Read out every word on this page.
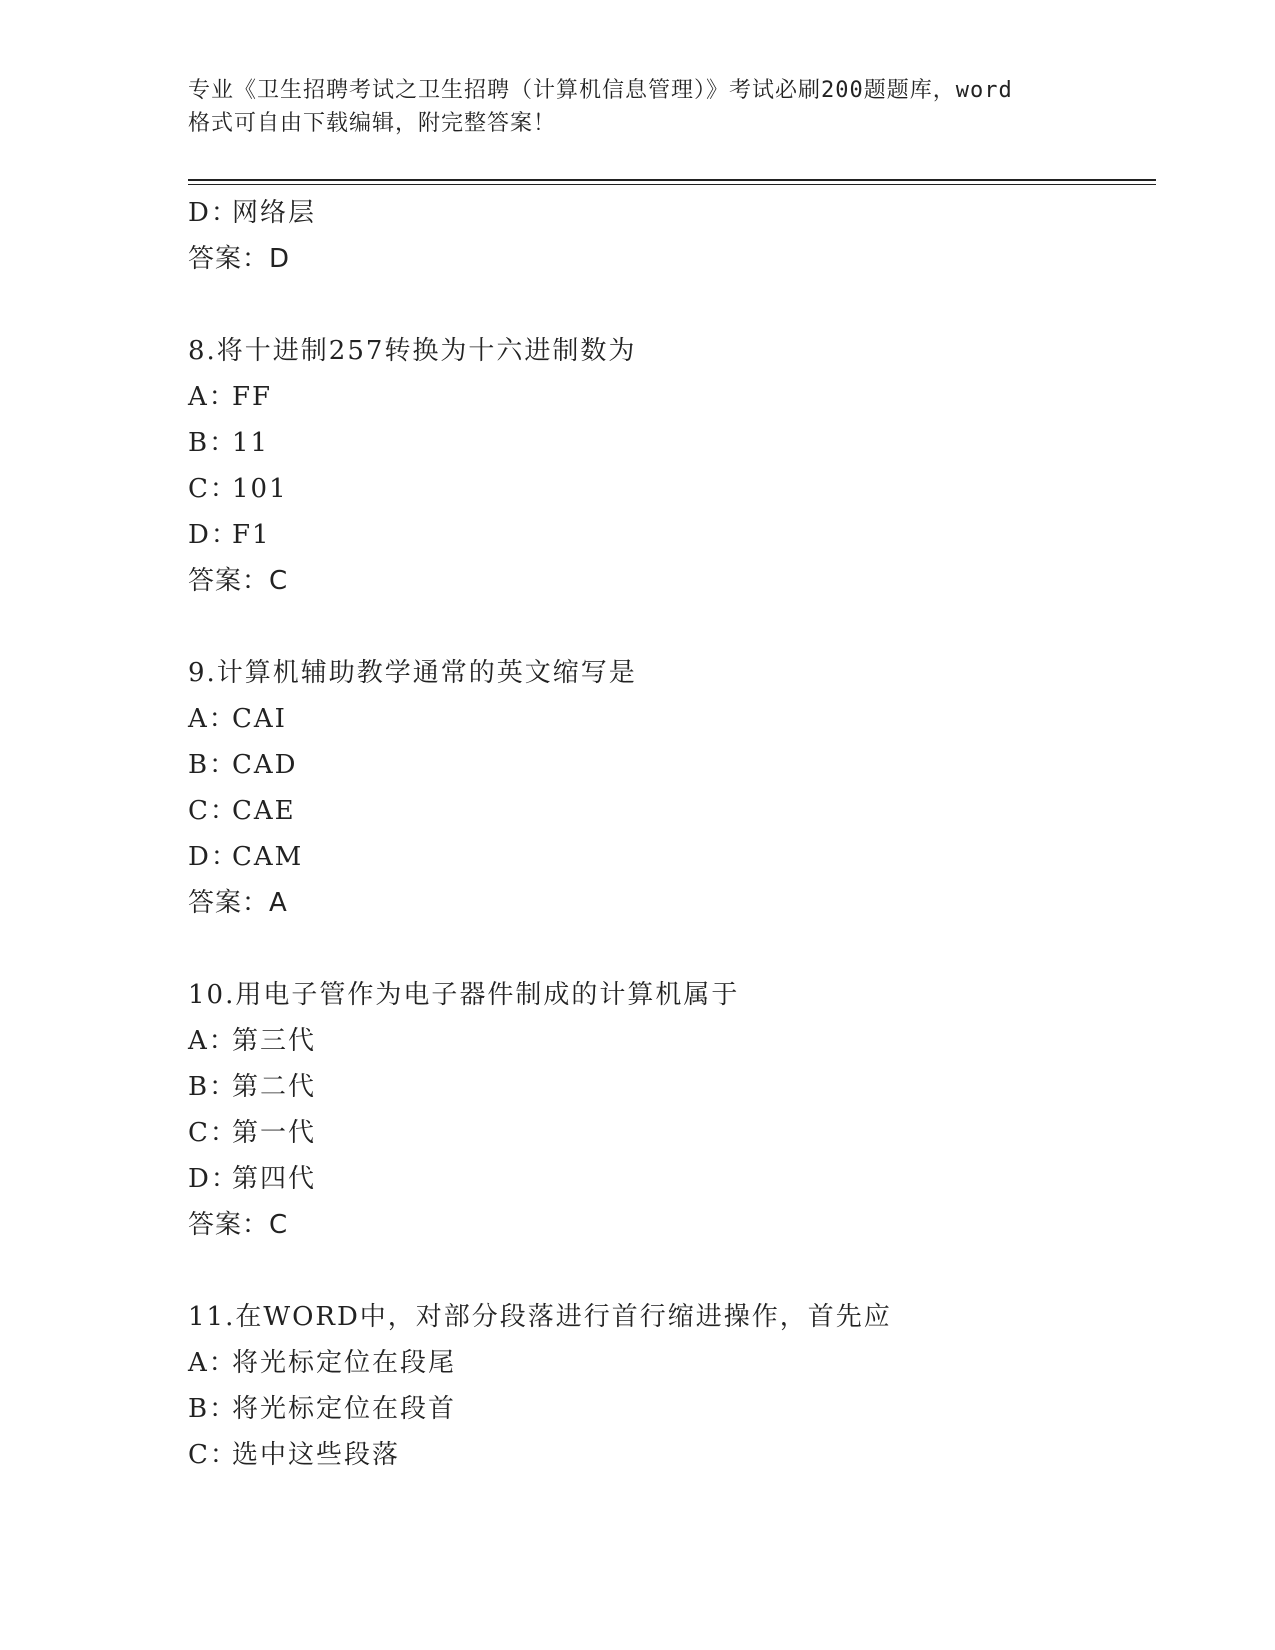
专业《卫生招聘考试之卫生招聘（计算机信息管理）》考试必刷200题题库，word
格式可自由下载编辑，附完整答案！
D：网络层
答案：D
8.将十进制257转换为十六进制数为
A：FF
B：11
C：101
D：F1
答案：C
9.计算机辅助教学通常的英文缩写是
A：CAI
B：CAD
C：CAE
D：CAM
答案：A
10.用电子管作为电子器件制成的计算机属于
A：第三代
B：第二代
C：第一代
D：第四代
答案：C
11.在WORD中，对部分段落进行首行缩进操作，首先应
A：将光标定位在段尾
B：将光标定位在段首
C：选中这些段落
